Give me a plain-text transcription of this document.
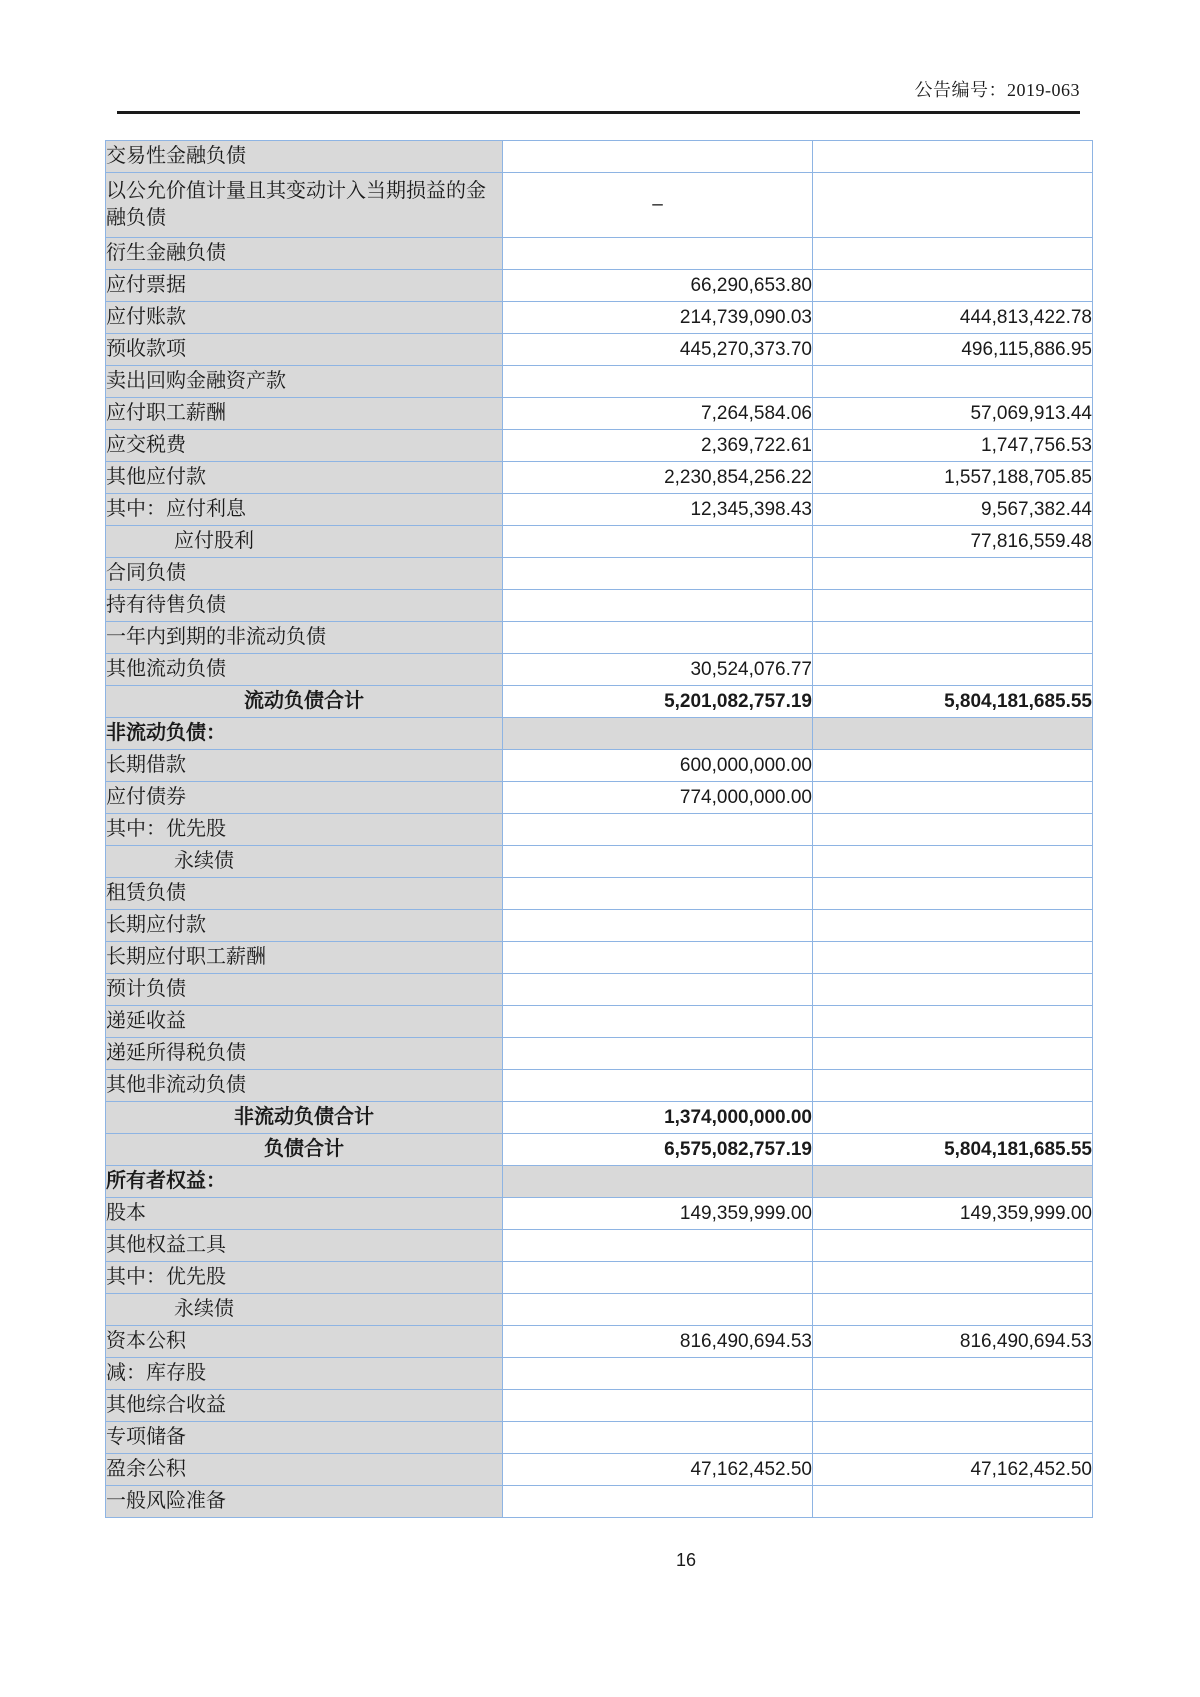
公告编号：2019-063
交易性金融负债		
以公允价值计量且其变动计入当期损益的金融负债	–	
衍生金融负债		
应付票据	66,290,653.80	
应付账款	214,739,090.03	444,813,422.78
预收款项	445,270,373.70	496,115,886.95
卖出回购金融资产款		
应付职工薪酬	7,264,584.06	57,069,913.44
应交税费	2,369,722.61	1,747,756.53
其他应付款	2,230,854,256.22	1,557,188,705.85
其中：应付利息	12,345,398.43	9,567,382.44
应付股利		77,816,559.48
合同负债		
持有待售负债		
一年内到期的非流动负债		
其他流动负债	30,524,076.77	
流动负债合计	5,201,082,757.19	5,804,181,685.55
非流动负债：		
长期借款	600,000,000.00	
应付债券	774,000,000.00	
其中：优先股		
永续债		
租赁负债		
长期应付款		
长期应付职工薪酬		
预计负债		
递延收益		
递延所得税负债		
其他非流动负债		
非流动负债合计	1,374,000,000.00	
负债合计	6,575,082,757.19	5,804,181,685.55
所有者权益：		
股本	149,359,999.00	149,359,999.00
其他权益工具		
其中：优先股		
永续债		
资本公积	816,490,694.53	816,490,694.53
减：库存股		
其他综合收益		
专项储备		
盈余公积	47,162,452.50	47,162,452.50
一般风险准备		
16
